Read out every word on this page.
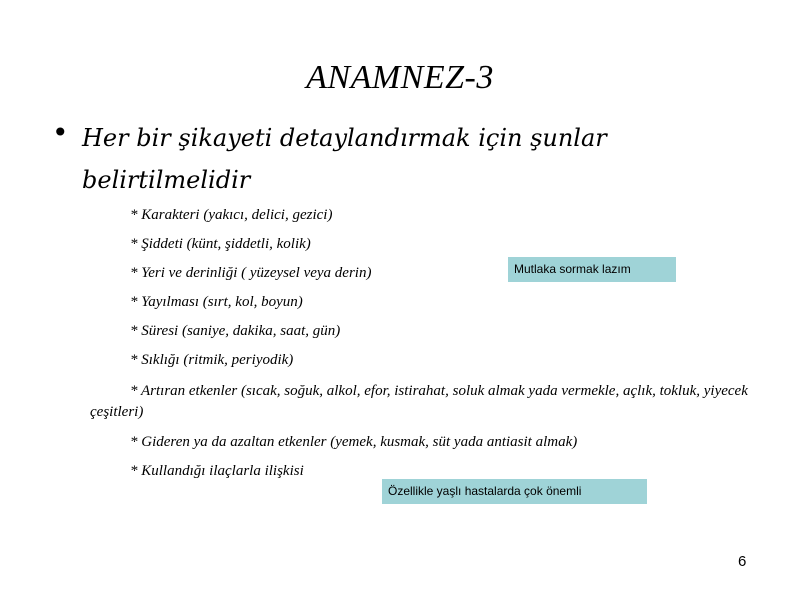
ANAMNEZ-3
• Her bir şikayeti detaylandırmak için şunlar belirtilmelidir
* Karakteri (yakıcı, delici, gezici)
* Şiddeti (künt, şiddetli, kolik)
* Yeri ve derinliği ( yüzeysel veya derin)
* Yayılması (sırt, kol, boyun)
* Süresi (saniye, dakika, saat, gün)
* Sıklığı (ritmik, periyodik)
* Artıran etkenler (sıcak, soğuk, alkol, efor, istirahat, soluk almak yada vermekle, açlık, tokluk, yiyecek çeşitleri)
* Gideren ya da azaltan etkenler (yemek, kusmak, süt yada antiasit almak)
* Kullandığı ilaçlarla ilişkisi
Mutlaka sormak lazım
Özellikle yaşlı hastalarda çok önemli
6
